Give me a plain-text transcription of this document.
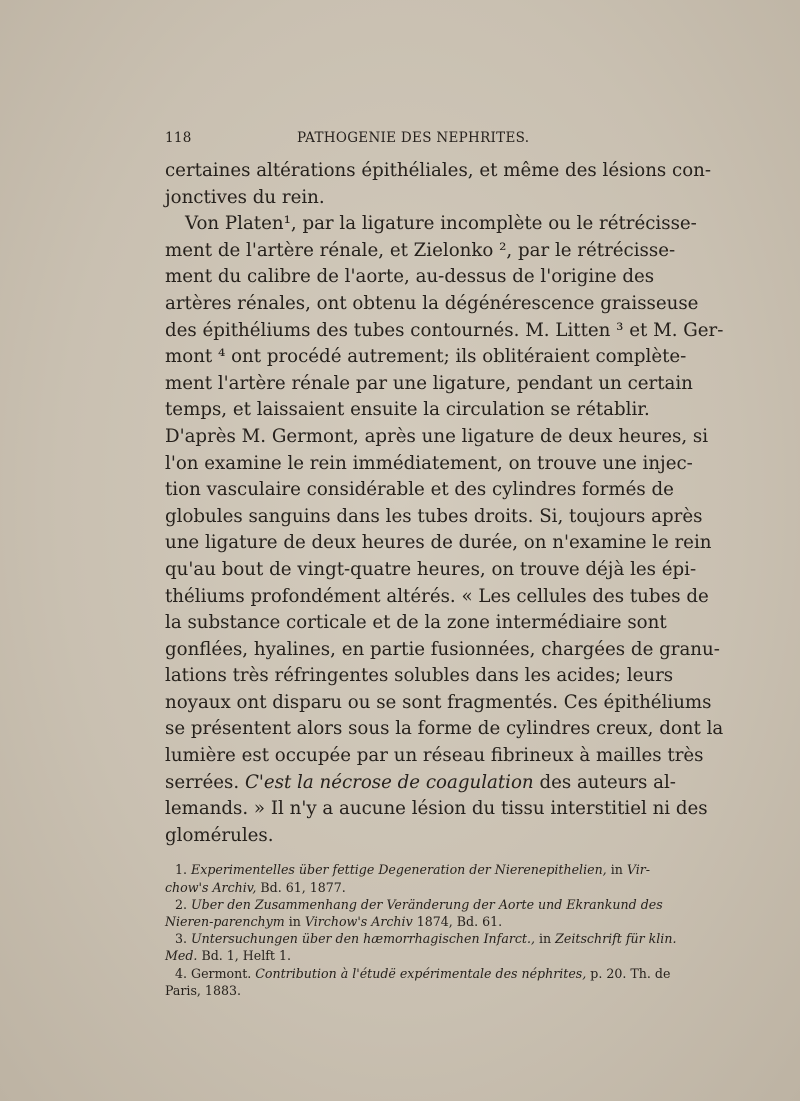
118	PATHOGENIE DES NEPHRITES.
certaines altérations épithéliales, et même des lésions con-
jonctives du rein.
Von Platen¹, par la ligature incomplète ou le rétrécisse-
ment de l'artère rénale, et Zielonko ², par le rétrécisse-
ment du calibre de l'aorte, au-dessus de l'origine des
artères rénales, ont obtenu la dégénérescence graisseuse
des épithéliums des tubes contournés. M. Litten ³ et M. Ger-
mont ⁴ ont procédé autrement; ils oblitéraient complète-
ment l'artère rénale par une ligature, pendant un certain
temps, et laissaient ensuite la circulation se rétablir.
D'après M. Germont, après une ligature de deux heures, si
l'on examine le rein immédiatement, on trouve une injec-
tion vasculaire considérable et des cylindres formés de
globules sanguins dans les tubes droits. Si, toujours après
une ligature de deux heures de durée, on n'examine le rein
qu'au bout de vingt-quatre heures, on trouve déjà les épi-
théliums profondément altérés. « Les cellules des tubes de
la substance corticale et de la zone intermédiaire sont
gonflées, hyalines, en partie fusionnées, chargées de granu-
lations très réfringentes solubles dans les acides; leurs
noyaux ont disparu ou se sont fragmentés. Ces épithéliums
se présentent alors sous la forme de cylindres creux, dont la
lumière est occupée par un réseau fibrineux à mailles très
serrées. C'est la nécrose de coagulation des auteurs al-
lemands. » Il n'y a aucune lésion du tissu interstitiel ni des
glomérules.
1. Experimentelles über fettige Degeneration der Nierenepithelien, in Vir-
chow's Archiv, Bd. 61, 1877.
2. Uber den Zusammenhang der Veränderung der Aorte und Ekrankund des
Nieren-parenchym in Virchow's Archiv 1874, Bd. 61.
3. Untersuchungen über den hæmorrhagischen Infarct., in Zeitschrift für klin.
Med. Bd. 1, Helft 1.
4. Germont. Contribution à l'étudë expérimentale des néphrites, p. 20. Th. de
Paris, 1883.
